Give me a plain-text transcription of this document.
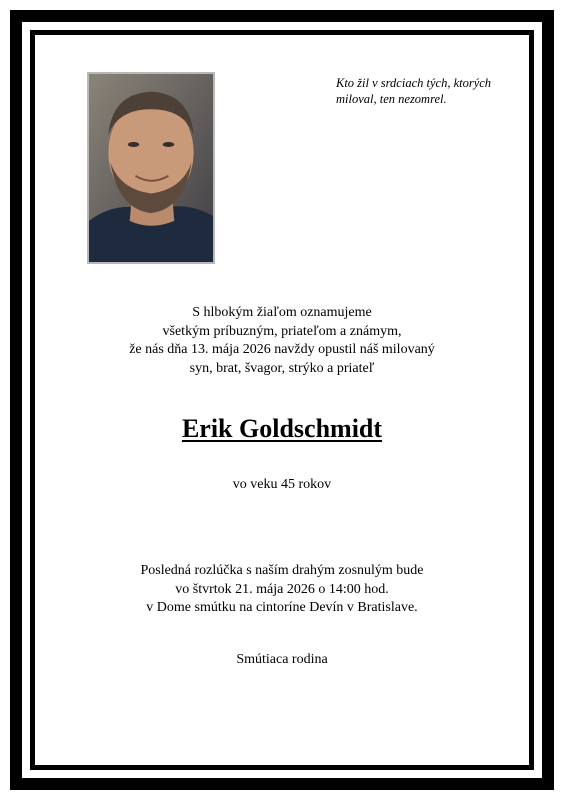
Kto žil v srdciach tých, ktorých
miloval, ten nezomrel.
S hlbokým žiaľom oznamujeme
všetkým príbuzným, priateľom a známym,
že nás dňa 13. mája 2026 navždy opustil náš milovaný
syn, brat, švagor, strýko a priateľ
Erik Goldschmidt
vo veku 45 rokov
Posledná rozlúčka s naším drahým zosnulým bude
vo štvrtok 21. mája 2026 o 14:00 hod.
v Dome smútku na cintoríne Devín v Bratislave.
Smútiaca rodina
